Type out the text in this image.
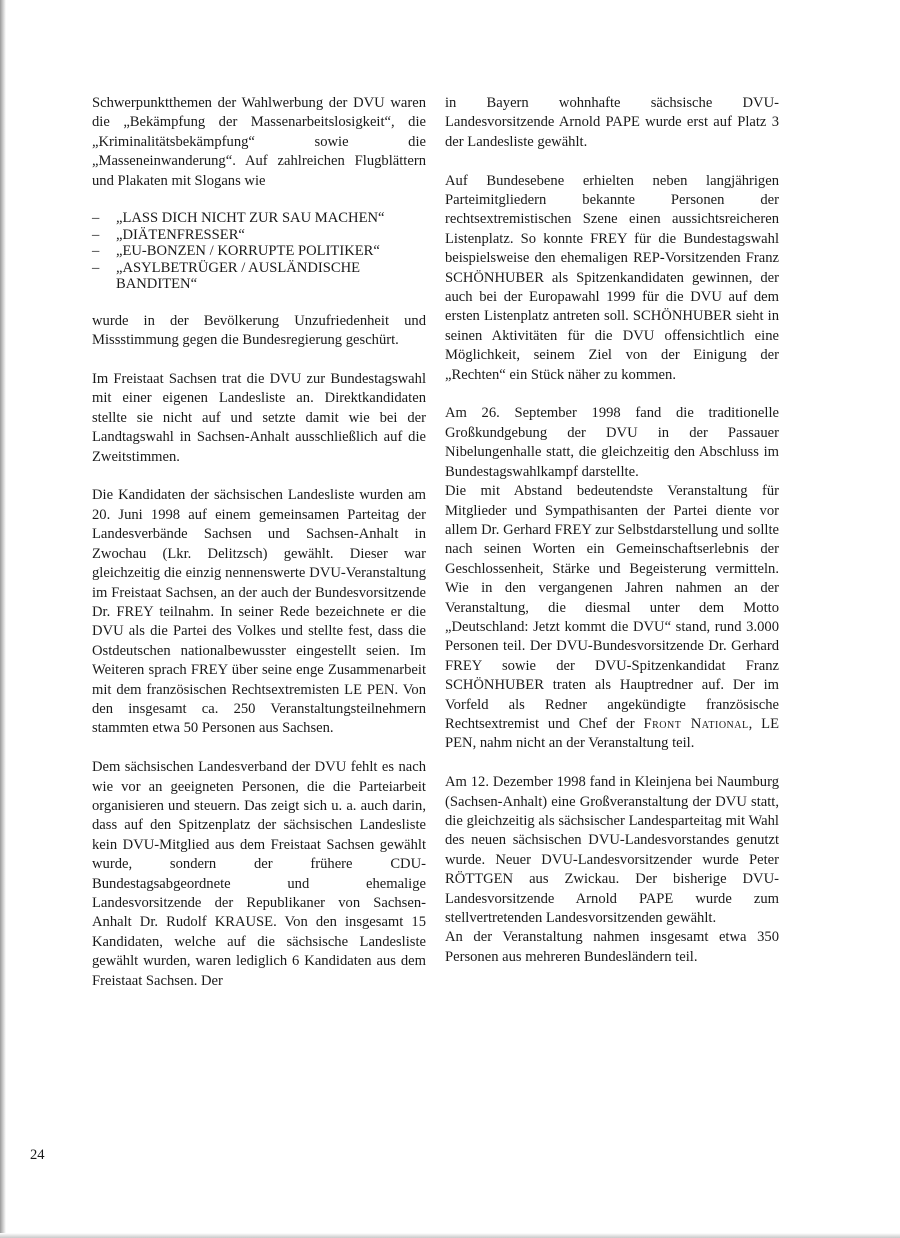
Schwerpunktthemen der Wahlwerbung der DVU waren die „Bekämpfung der Massenarbeitslosigkeit“, die „Kriminalitätsbekämpfung“ sowie die „Masseneinwanderung“. Auf zahlreichen Flugblättern und Plakaten mit Slogans wie

– „LASS DICH NICHT ZUR SAU MACHEN“
– „DIÄTENFRESSER“
– „EU-BONZEN / KORRUPTE POLITIKER“
– „ASYLBETRÜGER / AUSLÄNDISCHE BANDITEN“

wurde in der Bevölkerung Unzufriedenheit und Missstimmung gegen die Bundesregierung geschürt.

Im Freistaat Sachsen trat die DVU zur Bundestagswahl mit einer eigenen Landesliste an. Direktkandidaten stellte sie nicht auf und setzte damit wie bei der Landtagswahl in Sachsen-Anhalt ausschließlich auf die Zweitstimmen.

Die Kandidaten der sächsischen Landesliste wurden am 20. Juni 1998 auf einem gemeinsamen Parteitag der Landesverbände Sachsen und Sachsen-Anhalt in Zwochau (Lkr. Delitzsch) gewählt. Dieser war gleichzeitig die einzig nennenswerte DVU-Veranstaltung im Freistaat Sachsen, an der auch der Bundesvorsitzende Dr. FREY teilnahm. In seiner Rede bezeichnete er die DVU als die Partei des Volkes und stellte fest, dass die Ostdeutschen nationalbewusster eingestellt seien. Im Weiteren sprach FREY über seine enge Zusammenarbeit mit dem französischen Rechtsextremisten LE PEN. Von den insgesamt ca. 250 Veranstaltungsteilnehmern stammten etwa 50 Personen aus Sachsen.

Dem sächsischen Landesverband der DVU fehlt es nach wie vor an geeigneten Personen, die die Parteiarbeit organisieren und steuern. Das zeigt sich u. a. auch darin, dass auf den Spitzenplatz der sächsischen Landesliste kein DVU-Mitglied aus dem Freistaat Sachsen gewählt wurde, sondern der frühere CDU-Bundestagsabgeordnete und ehemalige Landesvorsitzende der Republikaner von Sachsen-Anhalt Dr. Rudolf KRAUSE. Von den insgesamt 15 Kandidaten, welche auf die sächsische Landesliste gewählt wurden, waren lediglich 6 Kandidaten aus dem Freistaat Sachsen. Der

in Bayern wohnhafte sächsische DVU-Landesvorsitzende Arnold PAPE wurde erst auf Platz 3 der Landesliste gewählt.

Auf Bundesebene erhielten neben langjährigen Parteimitgliedern bekannte Personen der rechtsextremistischen Szene einen aussichtsreicheren Listenplatz. So konnte FREY für die Bundestagswahl beispielsweise den ehemaligen REP-Vorsitzenden Franz SCHÖNHUBER als Spitzenkandidaten gewinnen, der auch bei der Europawahl 1999 für die DVU auf dem ersten Listenplatz antreten soll. SCHÖNHUBER sieht in seinen Aktivitäten für die DVU offensichtlich eine Möglichkeit, seinem Ziel von der Einigung der „Rechten“ ein Stück näher zu kommen.

Am 26. September 1998 fand die traditionelle Großkundgebung der DVU in der Passauer Nibelungenhalle statt, die gleichzeitig den Abschluss im Bundestagswahlkampf darstellte.

Die mit Abstand bedeutendste Veranstaltung für Mitglieder und Sympathisanten der Partei diente vor allem Dr. Gerhard FREY zur Selbstdarstellung und sollte nach seinen Worten ein Gemeinschaftserlebnis der Geschlossenheit, Stärke und Begeisterung vermitteln. Wie in den vergangenen Jahren nahmen an der Veranstaltung, die diesmal unter dem Motto „Deutschland: Jetzt kommt die DVU“ stand, rund 3.000 Personen teil. Der DVU-Bundesvorsitzende Dr. Gerhard FREY sowie der DVU-Spitzenkandidat Franz SCHÖNHUBER traten als Hauptredner auf. Der im Vorfeld als Redner angekündigte französische Rechtsextremist und Chef der Front National, LE PEN, nahm nicht an der Veranstaltung teil.

Am 12. Dezember 1998 fand in Kleinjena bei Naumburg (Sachsen-Anhalt) eine Großveranstaltung der DVU statt, die gleichzeitig als sächsischer Landesparteitag mit Wahl des neuen sächsischen DVU-Landesvorstandes genutzt wurde. Neuer DVU-Landesvorsitzender wurde Peter RÖTTGEN aus Zwickau. Der bisherige DVU-Landesvorsitzende Arnold PAPE wurde zum stellvertretenden Landesvorsitzenden gewählt.

An der Veranstaltung nahmen insgesamt etwa 350 Personen aus mehreren Bundesländern teil.

24
